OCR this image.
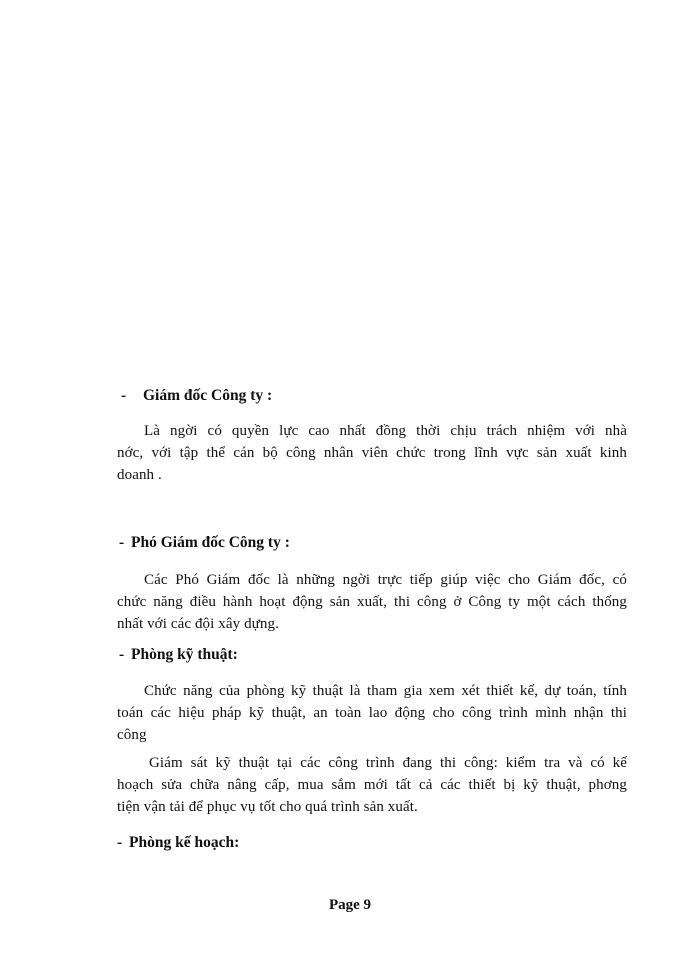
- Giám đốc Công ty :
Là ngời có quyền lực cao nhất đồng thời chịu trách nhiệm với nhà
nớc, với tập thể cán bộ công nhân viên chức trong lĩnh vực sản xuất kinh
doanh .
- Phó Giám đốc Công ty :
Các Phó Giám đốc là những ngời trực tiếp giúp việc cho Giám đốc, có
chức năng điều hành hoạt động sản xuất, thi công ở Công ty một cách thống
nhất với các đội xây dựng.
- Phòng kỹ thuật:
Chức năng của phòng kỹ thuật là tham gia xem xét thiết kế, dự toán, tính
toán các hiệu pháp kỹ thuật, an toàn lao động cho công trình mình nhận thi
công
Giám sát kỹ thuật tại các công trình đang thi công: kiểm tra và có kế
hoạch sửa chữa nâng cấp, mua sắm mới tất cả các thiết bị kỹ thuật, phơng
tiện vận tải để phục vụ tốt cho quá trình sản xuất.
- Phòng kế hoạch:
Page 9
